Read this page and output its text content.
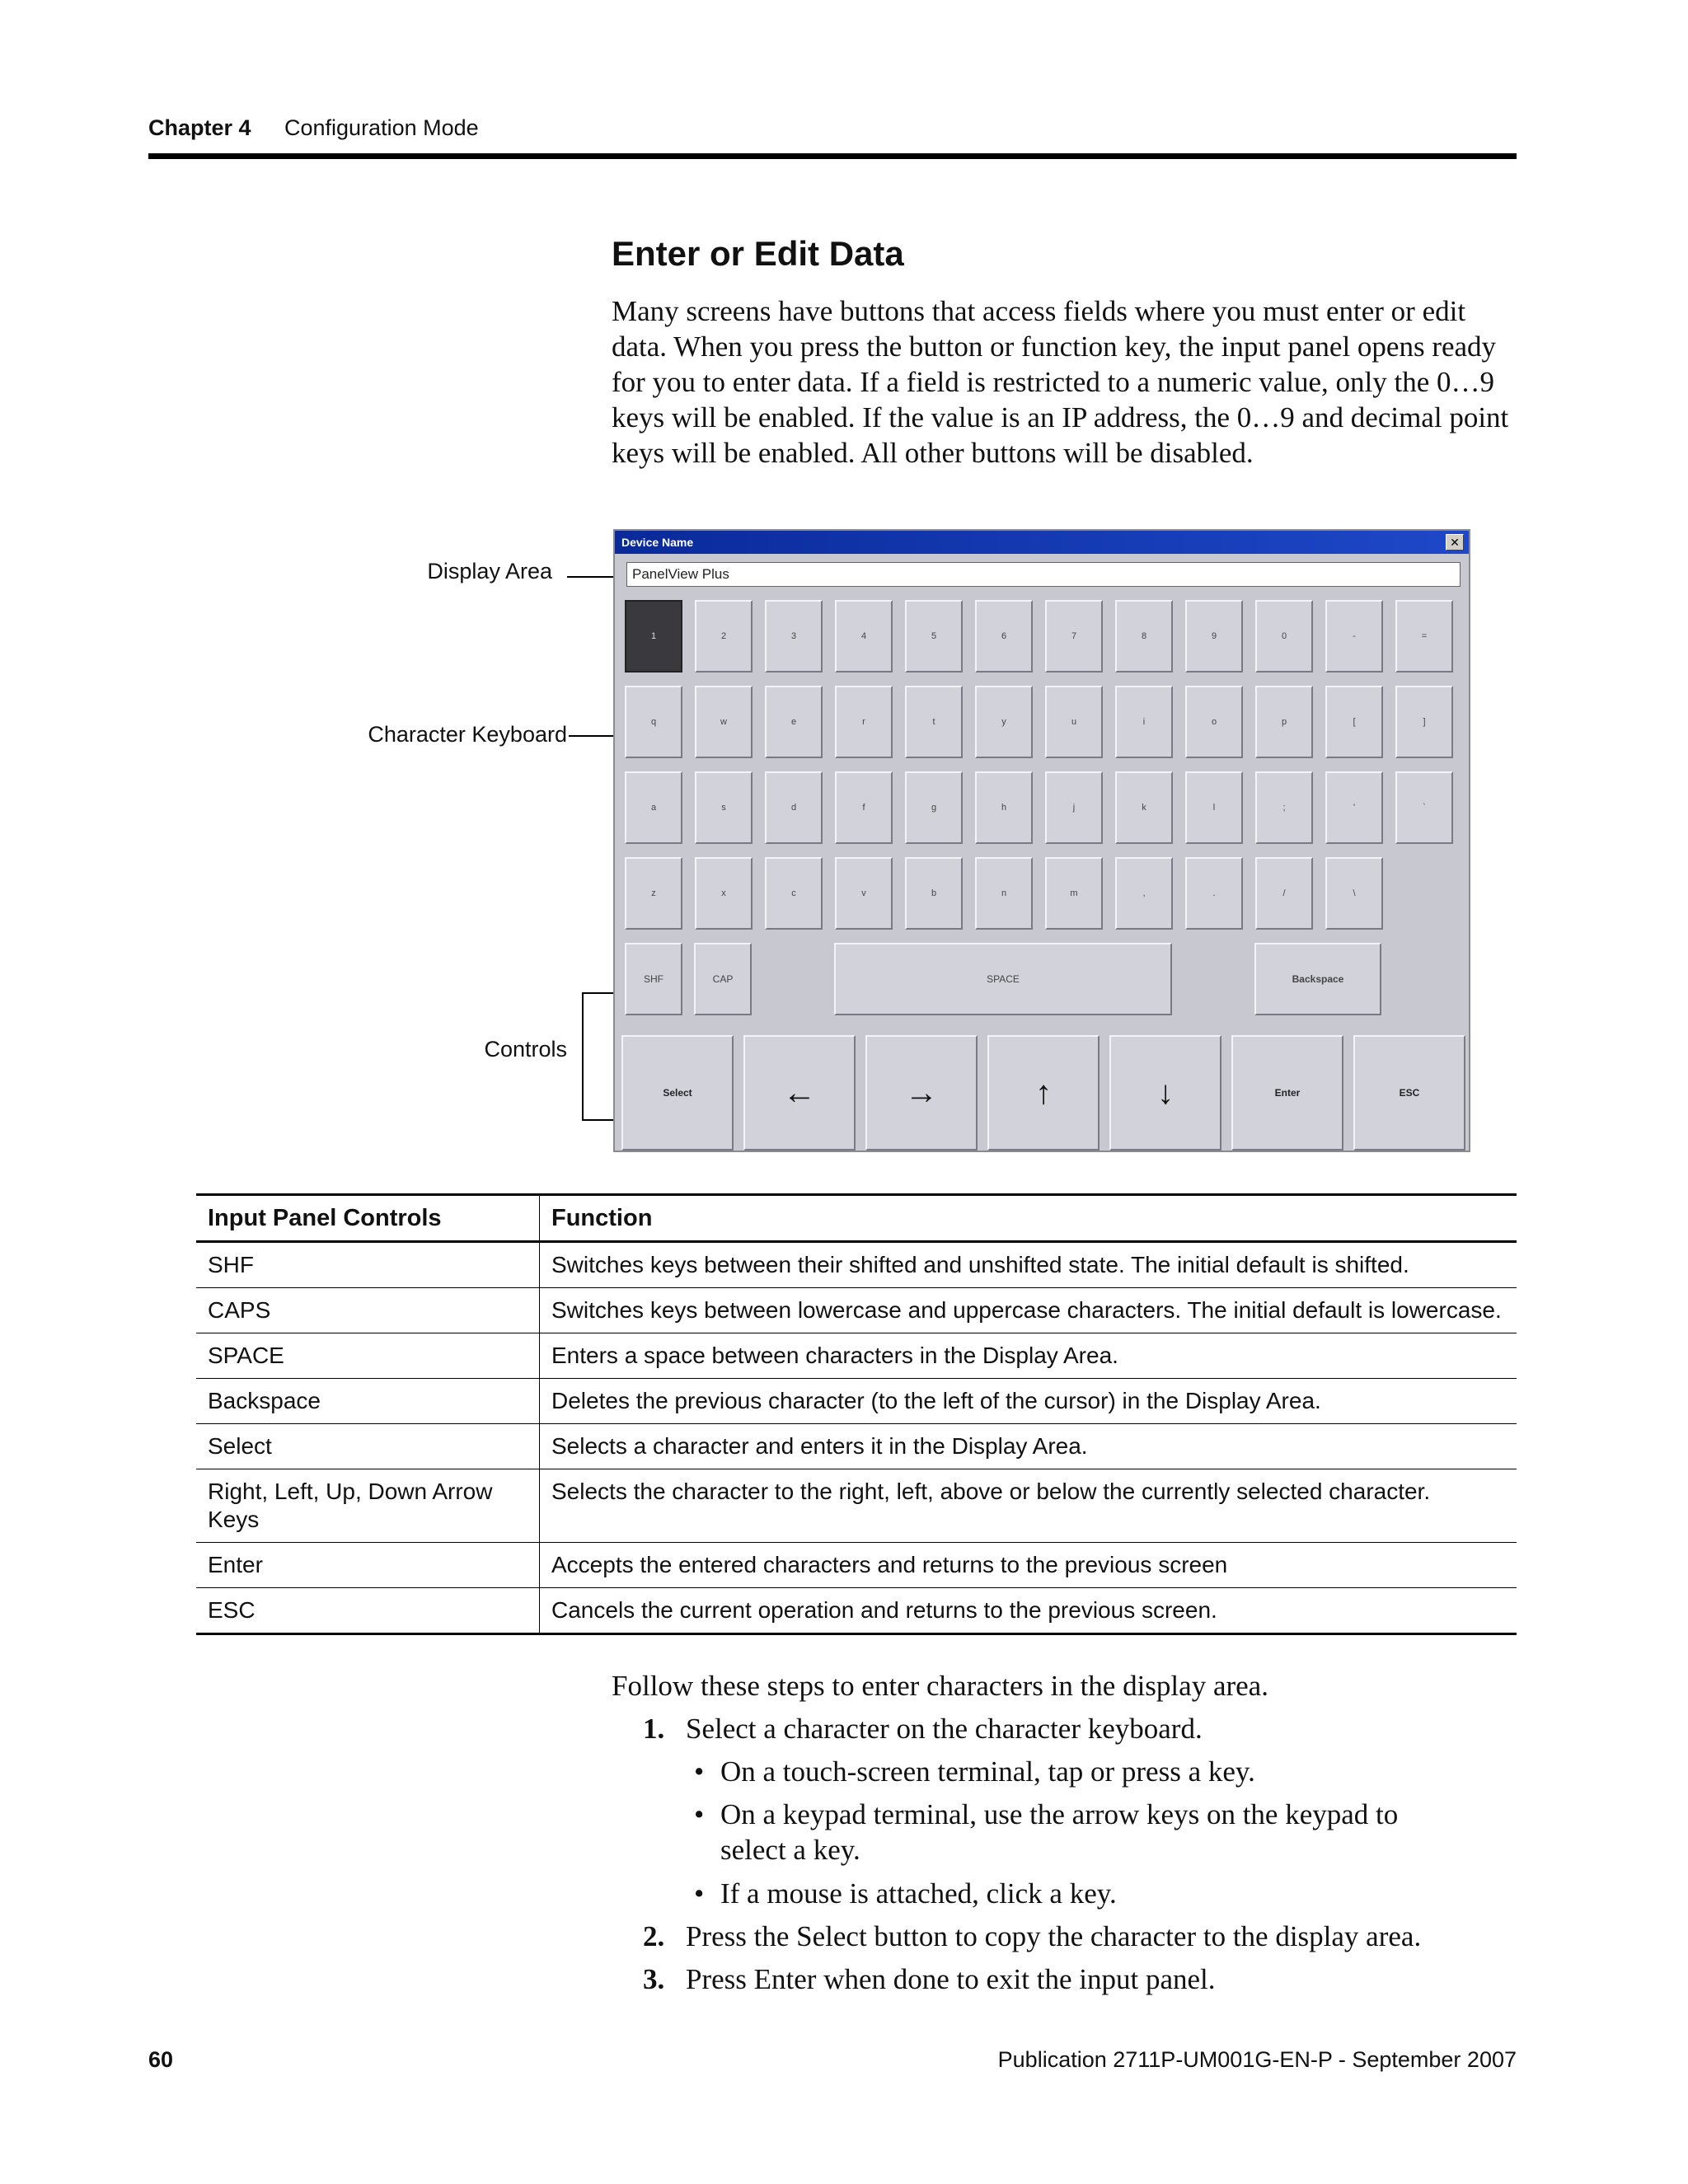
Chapter 4 Configuration Mode
Enter or Edit Data
Many screens have buttons that access fields where you must enter or edit data. When you press the button or function key, the input panel opens ready for you to enter data. If a field is restricted to a numeric value, only the 0…9 keys will be enabled. If the value is an IP address, the 0…9 and decimal point keys will be enabled. All other buttons will be disabled.
Display Area
Character Keyboard
Controls
Device Name	✕
PanelView Plus
1	2	3	4	5	6	7	8	9	0	-	=
q	w	e	r	t	y	u	i	o	p	[	]
a	s	d	f	g	h	j	k	l	;	'	`
z	x	c	v	b	n	m	,	.	/	\
SHF	CAP	SPACE	Backspace
Select	←	→	↑	↓	Enter	ESC
Input Panel Controls	Function
SHF	Switches keys between their shifted and unshifted state. The initial default is shifted.
CAPS	Switches keys between lowercase and uppercase characters. The initial default is lowercase.
SPACE	Enters a space between characters in the Display Area.
Backspace	Deletes the previous character (to the left of the cursor) in the Display Area.
Select	Selects a character and enters it in the Display Area.
Right, Left, Up, Down Arrow Keys	Selects the character to the right, left, above or below the currently selected character.
Enter	Accepts the entered characters and returns to the previous screen
ESC	Cancels the current operation and returns to the previous screen.
Follow these steps to enter characters in the display area.
1. Select a character on the character keyboard.
• On a touch-screen terminal, tap or press a key.
• On a keypad terminal, use the arrow keys on the keypad to
select a key.
• If a mouse is attached, click a key.
2. Press the Select button to copy the character to the display area.
3. Press Enter when done to exit the input panel.
60	Publication 2711P-UM001G-EN-P - September 2007
